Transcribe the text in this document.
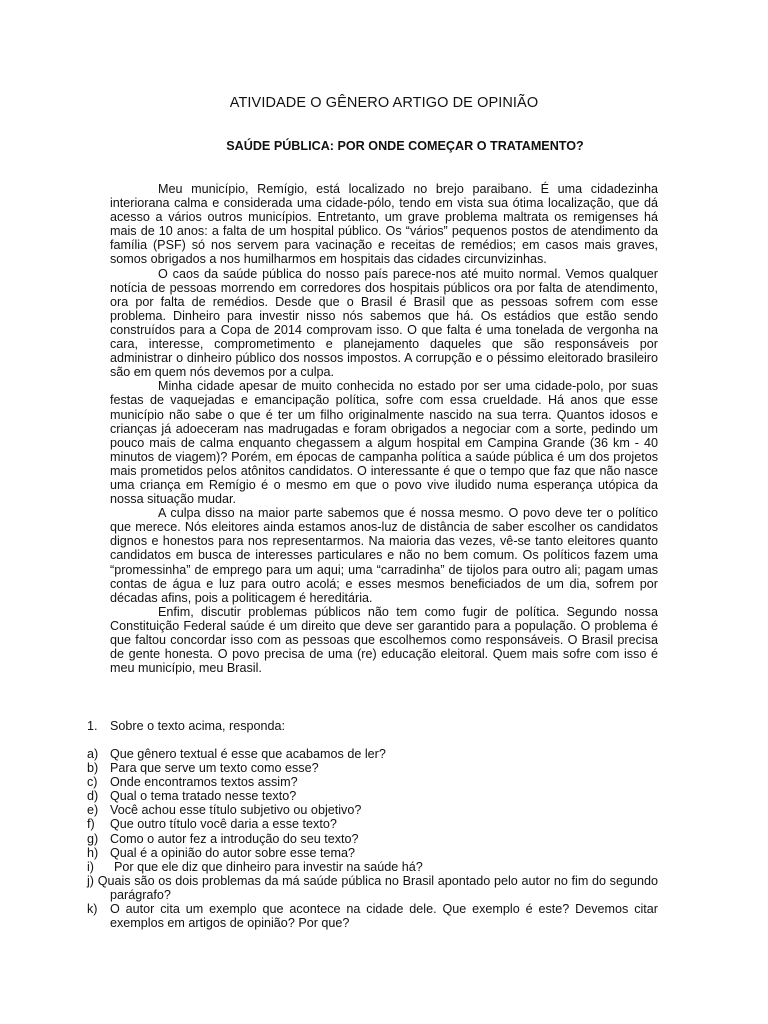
ATIVIDADE O GÊNERO ARTIGO DE OPINIÃO
SAÚDE PÚBLICA: POR ONDE COMEÇAR O TRATAMENTO?

Meu município, Remígio, está localizado no brejo paraibano. É uma cidadezinha interiorana calma e considerada uma cidade-pólo, tendo em vista sua ótima localização, que dá acesso a vários outros municípios. Entretanto, um grave problema maltrata os remigenses há mais de 10 anos: a falta de um hospital público. Os “vários” pequenos postos de atendimento da família (PSF) só nos servem para vacinação e receitas de remédios; em casos mais graves, somos obrigados a nos humilharmos em hospitais das cidades circunvizinhas.

O caos da saúde pública do nosso país parece-nos até muito normal. Vemos qualquer notícia de pessoas morrendo em corredores dos hospitais públicos ora por falta de atendimento, ora por falta de remédios. Desde que o Brasil é Brasil que as pessoas sofrem com esse problema. Dinheiro para investir nisso nós sabemos que há. Os estádios que estão sendo construídos para a Copa de 2014 comprovam isso. O que falta é uma tonelada de vergonha na cara, interesse, comprometimento e planejamento daqueles que são responsáveis por administrar o dinheiro público dos nossos impostos. A corrupção e o péssimo eleitorado brasileiro são em quem nós devemos por a culpa.

Minha cidade apesar de muito conhecida no estado por ser uma cidade-polo, por suas festas de vaquejadas e emancipação política, sofre com essa crueldade. Há anos que esse município não sabe o que é ter um filho originalmente nascido na sua terra. Quantos idosos e crianças já adoeceram nas madrugadas e foram obrigados a negociar com a sorte, pedindo um pouco mais de calma enquanto chegassem a algum hospital em Campina Grande (36 km - 40 minutos de viagem)? Porém, em épocas de campanha política a saúde pública é um dos projetos mais prometidos pelos atônitos candidatos. O interessante é que o tempo que faz que não nasce uma criança em Remígio é o mesmo em que o povo vive iludido numa esperança utópica da nossa situação mudar.

A culpa disso na maior parte sabemos que é nossa mesmo. O povo deve ter o político que merece. Nós eleitores ainda estamos anos-luz de distância de saber escolher os candidatos dignos e honestos para nos representarmos. Na maioria das vezes, vê-se tanto eleitores quanto candidatos em busca de interesses particulares e não no bem comum. Os políticos fazem uma “promessinha” de emprego para um aqui; uma “carradinha” de tijolos para outro ali; pagam umas contas de água e luz para outro acolá; e esses mesmos beneficiados de um dia, sofrem por décadas afins, pois a politicagem é hereditária.

Enfim, discutir problemas públicos não tem como fugir de política. Segundo nossa Constituição Federal saúde é um direito que deve ser garantido para a população. O problema é que faltou concordar isso com as pessoas que escolhemos como responsáveis. O Brasil precisa de gente honesta. O povo precisa de uma (re) educação eleitoral. Quem mais sofre com isso é meu município, meu Brasil.

1. Sobre o texto acima, responda:
a) Que gênero textual é esse que acabamos de ler?
b) Para que serve um texto como esse?
c) Onde encontramos textos assim?
d) Qual o tema tratado nesse texto?
e) Você achou esse título subjetivo ou objetivo?
f)	Que outro título você daria a esse texto?
g) Como o autor fez a introdução do seu texto?
h) Qual é a opinião do autor sobre esse tema?
i)	Por que ele diz que dinheiro para investir na saúde há?
j) Quais são os dois problemas da má saúde pública no Brasil apontado pelo autor no fim do segundo parágrafo?
k) O autor cita um exemplo que acontece na cidade dele. Que exemplo é este? Devemos citar exemplos em artigos de opinião? Por que?
